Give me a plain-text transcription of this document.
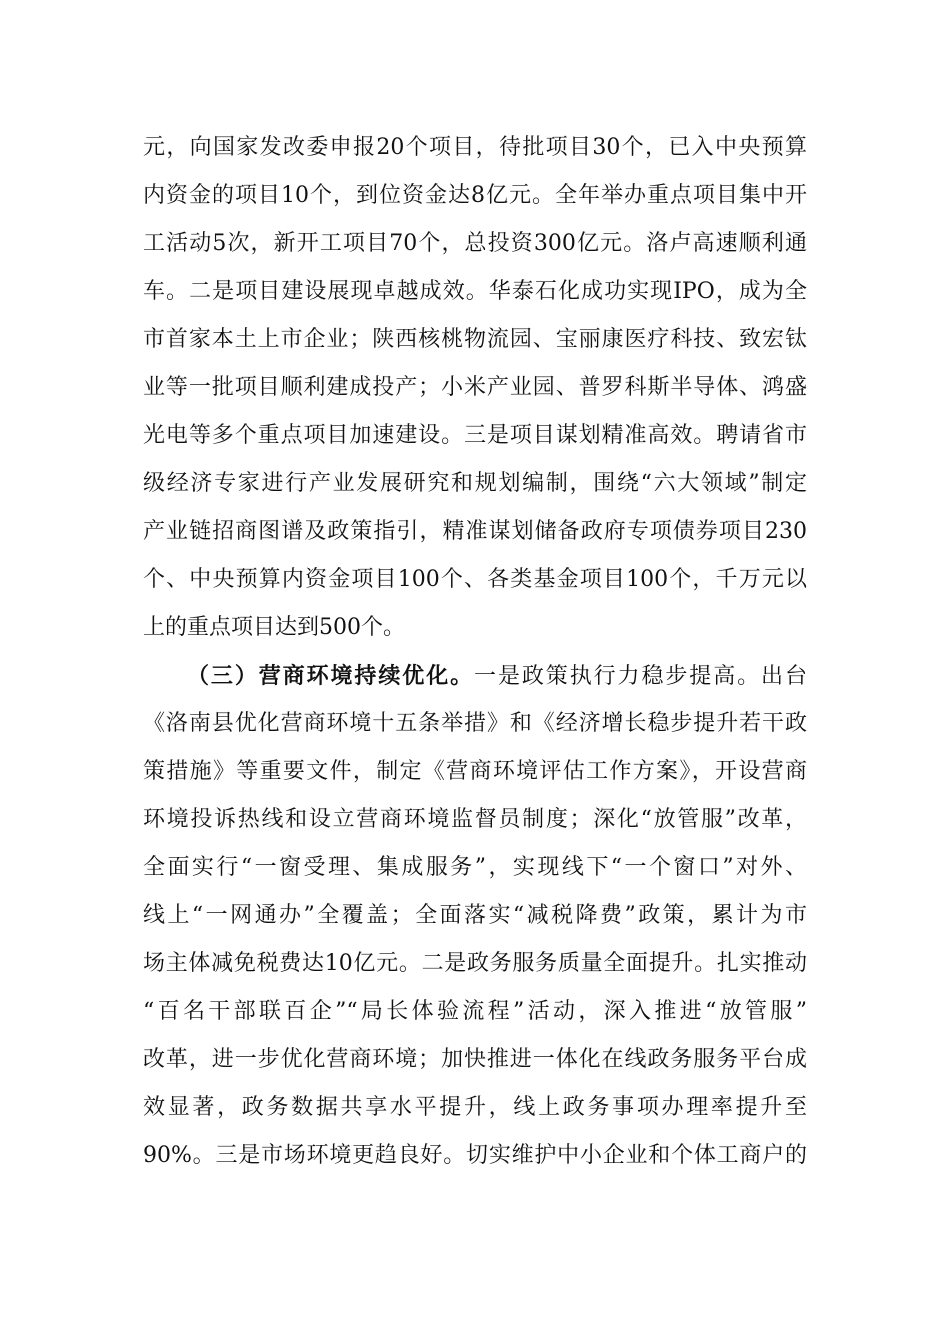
元，向国家发改委申报20个项目，待批项目30个，已入中央预算
内资金的项目10个，到位资金达8亿元。全年举办重点项目集中开
工活动5次，新开工项目70个，总投资300亿元。洛卢高速顺利通
车。二是项目建设展现卓越成效。华泰石化成功实现IPO，成为全
市首家本土上市企业；陕西核桃物流园、宝丽康医疗科技、致宏钛
业等一批项目顺利建成投产；小米产业园、普罗科斯半导体、鸿盛
光电等多个重点项目加速建设。三是项目谋划精准高效。聘请省市
级经济专家进行产业发展研究和规划编制，围绕“六大领域”制定
产业链招商图谱及政策指引，精准谋划储备政府专项债券项目230
个、中央预算内资金项目100个、各类基金项目100个，千万元以
上的重点项目达到500个。
（三）营商环境持续优化。一是政策执行力稳步提高。出台
《洛南县优化营商环境十五条举措》和《经济增长稳步提升若干政
策措施》等重要文件，制定《营商环境评估工作方案》，开设营商
环境投诉热线和设立营商环境监督员制度；深化“放管服”改革，
全面实行“一窗受理、集成服务”，实现线下“一个窗口”对外、
线上“一网通办”全覆盖；全面落实“减税降费”政策，累计为市
场主体减免税费达10亿元。二是政务服务质量全面提升。扎实推动
“百名干部联百企”“局长体验流程”活动，深入推进“放管服”
改革，进一步优化营商环境；加快推进一体化在线政务服务平台成
效显著，政务数据共享水平提升，线上政务事项办理率提升至
90%。三是市场环境更趋良好。切实维护中小企业和个体工商户的
